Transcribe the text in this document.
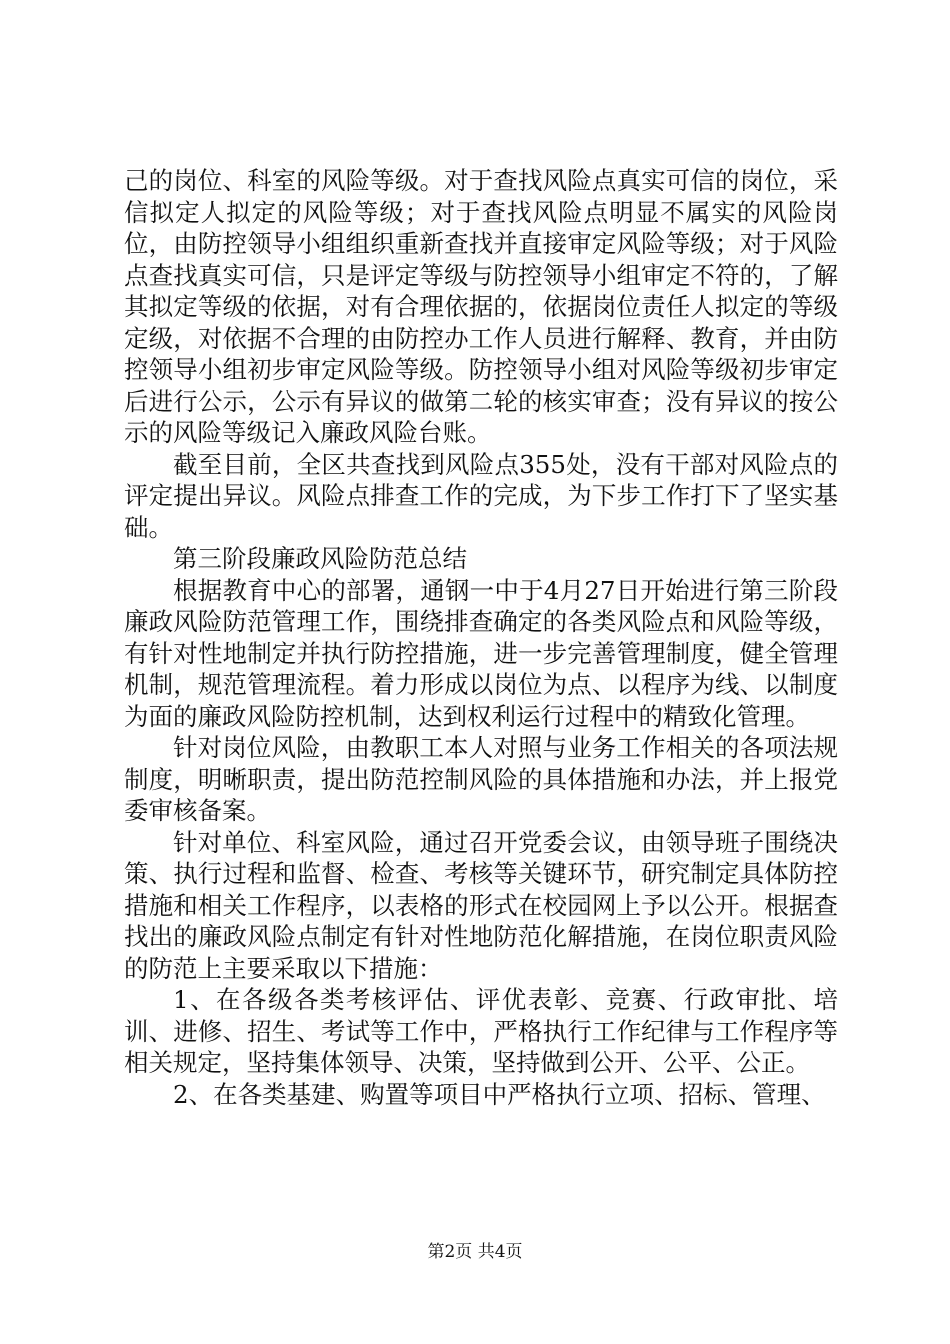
己的岗位、科室的风险等级。对于查找风险点真实可信的岗位，采信拟定人拟定的风险等级；对于查找风险点明显不属实的风险岗位，由防控领导小组组织重新查找并直接审定风险等级；对于风险点查找真实可信，只是评定等级与防控领导小组审定不符的，了解其拟定等级的依据，对有合理依据的，依据岗位责任人拟定的等级定级，对依据不合理的由防控办工作人员进行解释、教育，并由防控领导小组初步审定风险等级。防控领导小组对风险等级初步审定后进行公示，公示有异议的做第二轮的核实审查；没有异议的按公示的风险等级记入廉政风险台账。

截至目前，全区共查找到风险点355处，没有干部对风险点的评定提出异议。风险点排查工作的完成，为下步工作打下了坚实基础。

第三阶段廉政风险防范总结

根据教育中心的部署，通钢一中于4月27日开始进行第三阶段廉政风险防范管理工作，围绕排查确定的各类风险点和风险等级，有针对性地制定并执行防控措施，进一步完善管理制度，健全管理机制，规范管理流程。着力形成以岗位为点、以程序为线、以制度为面的廉政风险防控机制，达到权利运行过程中的精致化管理。

针对岗位风险，由教职工本人对照与业务工作相关的各项法规制度，明晰职责，提出防范控制风险的具体措施和办法，并上报党委审核备案。

针对单位、科室风险，通过召开党委会议，由领导班子围绕决策、执行过程和监督、检查、考核等关键环节，研究制定具体防控措施和相关工作程序，以表格的形式在校园网上予以公开。根据查找出的廉政风险点制定有针对性地防范化解措施，在岗位职责风险的防范上主要采取以下措施：

1、在各级各类考核评估、评优表彰、竞赛、行政审批、培训、进修、招生、考试等工作中，严格执行工作纪律与工作程序等相关规定，坚持集体领导、决策，坚持做到公开、公平、公正。

2、在各类基建、购置等项目中严格执行立项、招标、管理、

第2页 共4页
